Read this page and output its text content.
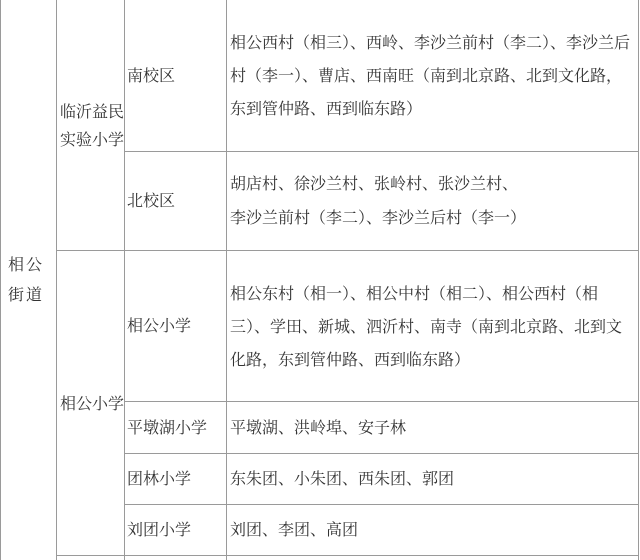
相公街道
临沂益民实验小学
相公小学
南校区
北校区
相公小学
平墩湖小学
团林小学
刘团小学
相公西村（相三）、西岭、李沙兰前村（李二）、李沙兰后村（李一）、曹店、西南旺（南到北京路、北到文化路，东到管仲路、西到临东路）
胡店村、徐沙兰村、张岭村、张沙兰村、
李沙兰前村（李二）、李沙兰后村（李一）
相公东村（相一）、相公中村（相二）、相公西村（相三）、学田、新城、泗沂村、南寺（南到北京路、北到文化路，东到管仲路、西到临东路）
平墩湖、洪岭埠、安子林
东朱团、小朱团、西朱团、郭团
刘团、李团、高团
